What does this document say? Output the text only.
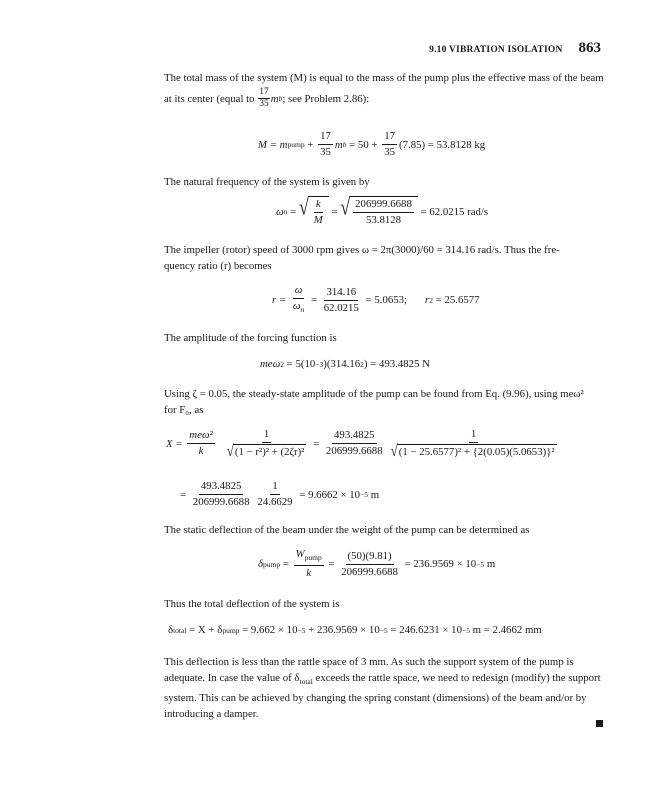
9.10 VIBRATION ISOLATION 863
The total mass of the system (M) is equal to the mass of the pump plus the effective mass of the beam
at its center (equal to
$\frac{17}{35}$ m b ; see Problem 2.86):
M = m pump
+
$\frac{17}{35}$ m b
= 50 +
$\frac{17}{35} (7.85) = 53.8128$ kg
The natural frequency of the system is given by
ω n
=
√ $\frac{k}{M}$
=
√ $\frac{206999.6688}{53.8128}$
= 62.0215 rad/s
The impeller (rotor) speed of 3000 rpm gives ω = 2π(3000)/60 = 314.16 rad/s. Thus the fre-
quency ratio (r) becomes
r =
$\frac{\omega}{\omega_n}$
=
$\frac{314.16}{62.0215}$
= 5.0653; r 2
= 25.6577
The amplitude of the forcing function is
meω 2 = 5(10 −3 )(314.16 2 ) = 493.4825 N
Using ζ = 0.05, the steady-state amplitude of the pump can be found from Eq. (9.96), using meω²
for F₀, as
X =
$\frac{\text{meω²}}{k} \frac{1}{\text{√ (1 − r²)² + (2ζr)²}}$
=
$\frac{493.4825}{206999.6688} \frac{1}{\text{√ (1 − 25.6577)² + \{2(0.05)(5.0653)\}²}}$
=
$\frac{493.4825}{206999.6688} \frac{1}{24.6629}$
= 9.6662 × 10 −5 m
The static deflection of the beam under the weight of the pump can be determined as
δ pump
=
$\frac{W_{pump}}{k}$
=
$\frac{(50)(9.81)}{206999.6688}$
= 236.9569 × 10 −5 m
Thus the total deflection of the system is
δ total = X + δ pump = 9.662 × 10 −5 + 236.9569 × 10 −5 = 246.6231 × 10 −5 m = 2.4662 mm
This deflection is less than the rattle space of 3 mm. As such the support system of the pump is
adequate. In case the value of $\delta_{total}$ exceeds the rattle space, we need to redesign (modify) the support
system. This can be achieved by changing the spring constant (dimensions) of the beam and/or by
introducing a damper.
